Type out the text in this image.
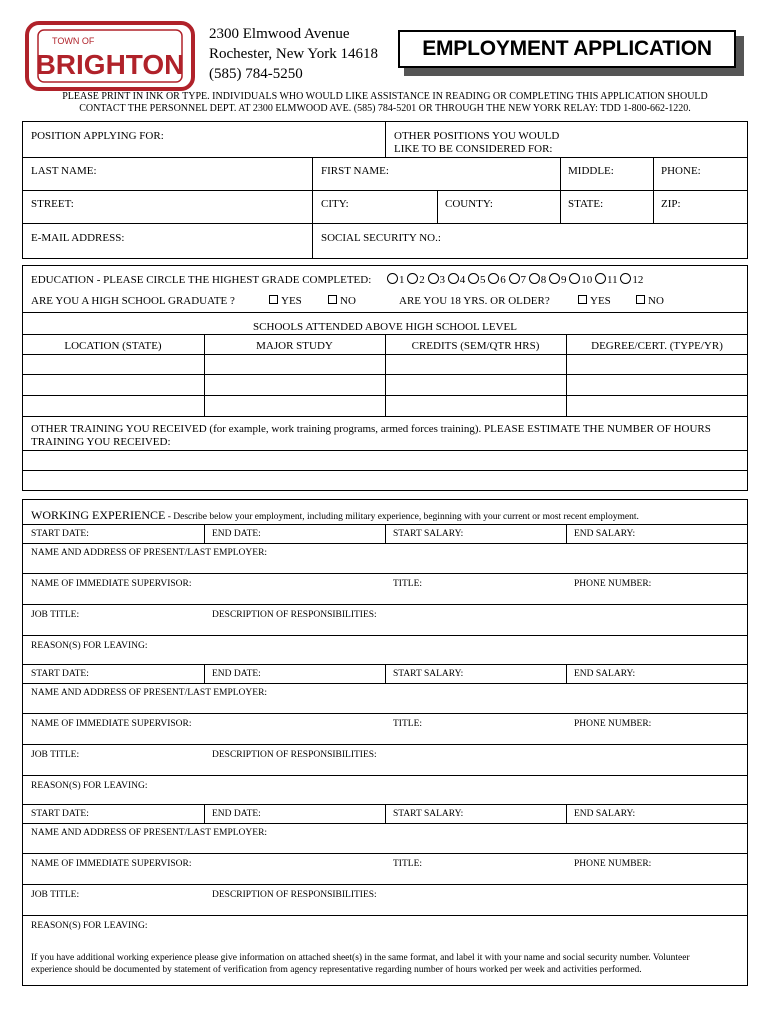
TOWN OF
BRIGHTON
2300 Elmwood Avenue
Rochester, New York 14618
(585) 784-5250
EMPLOYMENT APPLICATION
PLEASE PRINT IN INK OR TYPE. INDIVIDUALS WHO WOULD LIKE ASSISTANCE IN READING OR COMPLETING THIS APPLICATION SHOULD
CONTACT THE PERSONNEL DEPT. AT 2300 ELMWOOD AVE. (585) 784-5201 OR THROUGH THE NEW YORK RELAY: TDD 1-800-662-1220.
POSITION APPLYING FOR:	OTHER POSITIONS YOU WOULD
LIKE TO BE CONSIDERED FOR:
LAST NAME:	FIRST NAME:	MIDDLE:	PHONE:
STREET:	CITY:	COUNTY:	STATE:	ZIP:
E-MAIL ADDRESS:	SOCIAL SECURITY NO.:
EDUCATION - PLEASE CIRCLE THE HIGHEST GRADE COMPLETED:	1 2 3 4 5 6 7 8 9 10 11 12
ARE YOU A HIGH SCHOOL GRADUATE ?	YES	NO	ARE YOU 18 YRS. OR OLDER?	YES	NO
SCHOOLS ATTENDED ABOVE HIGH SCHOOL LEVEL
LOCATION (STATE)	MAJOR STUDY	CREDITS (SEM/QTR HRS)	DEGREE/CERT. (TYPE/YR)
OTHER TRAINING YOU RECEIVED (for example, work training programs, armed forces training). PLEASE ESTIMATE THE NUMBER OF HOURS
TRAINING YOU RECEIVED:
WORKING EXPERIENCE - Describe below your employment, including military experience, beginning with your current or most recent employment.
START DATE:	END DATE:	START SALARY:	END SALARY:
NAME AND ADDRESS OF PRESENT/LAST EMPLOYER:
NAME OF IMMEDIATE SUPERVISOR:	TITLE:	PHONE NUMBER:
JOB TITLE:	DESCRIPTION OF RESPONSIBILITIES:
REASON(S) FOR LEAVING:
START DATE:	END DATE:	START SALARY:	END SALARY:
NAME AND ADDRESS OF PRESENT/LAST EMPLOYER:
NAME OF IMMEDIATE SUPERVISOR:	TITLE:	PHONE NUMBER:
JOB TITLE:	DESCRIPTION OF RESPONSIBILITIES:
REASON(S) FOR LEAVING:
START DATE:	END DATE:	START SALARY:	END SALARY:
NAME AND ADDRESS OF PRESENT/LAST EMPLOYER:
NAME OF IMMEDIATE SUPERVISOR:	TITLE:	PHONE NUMBER:
JOB TITLE:	DESCRIPTION OF RESPONSIBILITIES:
REASON(S) FOR LEAVING:
If you have additional working experience please give information on attached sheet(s) in the same format, and label it with your name and social security number. Volunteer
experience should be documented by statement of verification from agency representative regarding number of hours worked per week and activities performed.
